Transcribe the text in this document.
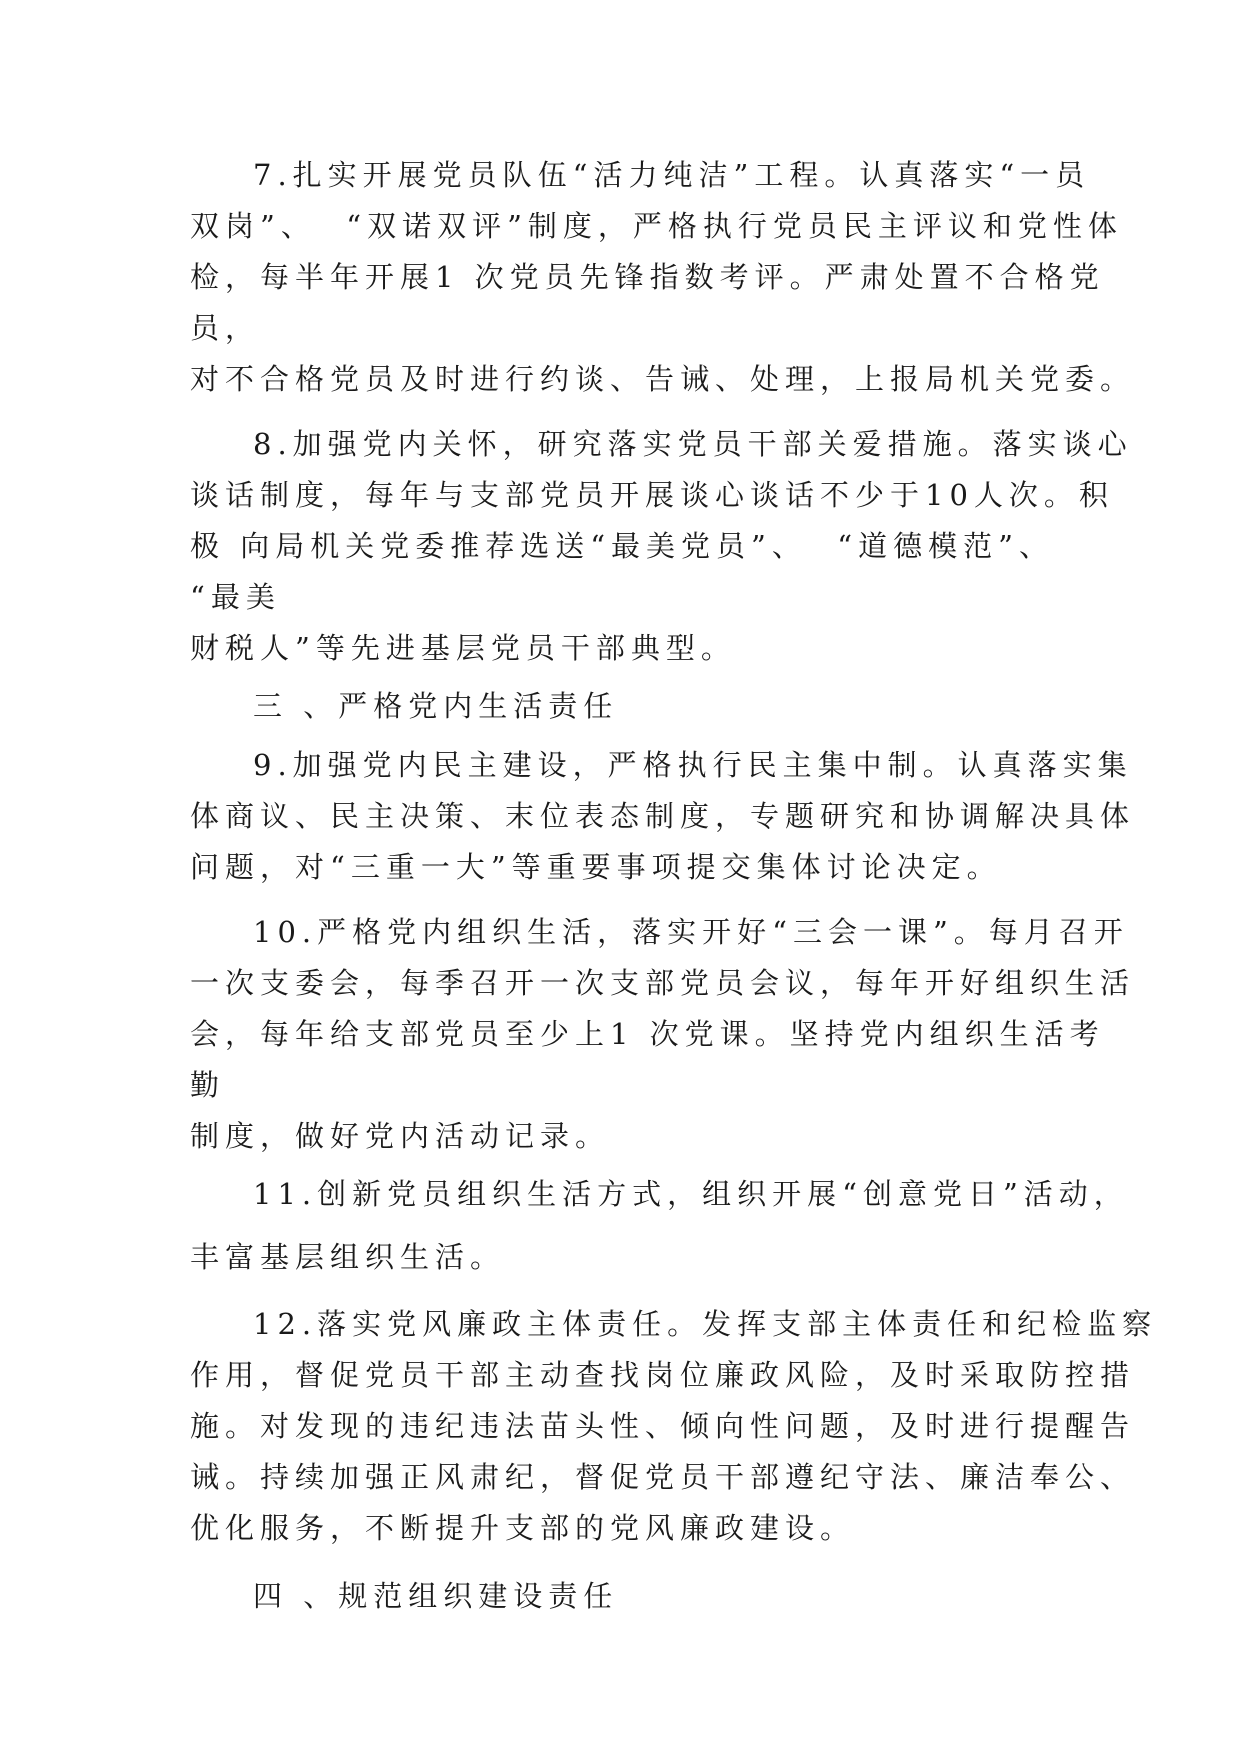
7.扎实开展党员队伍“活力纯洁”工程。认真落实“一员

双岗”、  “双诺双评”制度，严格执行党员民主评议和党性体

检，每半年开展1 次党员先锋指数考评。严肃处置不合格党

员，

对不合格党员及时进行约谈、告诫、处理，上报局机关党委。

8.加强党内关怀，研究落实党员干部关爱措施。落实谈心

谈话制度，每年与支部党员开展谈心谈话不少于10人次。积

极 向局机关党委推荐选送“最美党员”、  “道德模范”、

“最美

财税人”等先进基层党员干部典型。

三 、严格党内生活责任

9.加强党内民主建设，严格执行民主集中制。认真落实集

体商议、民主决策、末位表态制度，专题研究和协调解决具体

问题，对“三重一大”等重要事项提交集体讨论决定。

10.严格党内组织生活，落实开好“三会一课”。每月召开

一次支委会，每季召开一次支部党员会议，每年开好组织生活

会，每年给支部党员至少上1 次党课。坚持党内组织生活考

勤

制度，做好党内活动记录。

11.创新党员组织生活方式，组织开展“创意党日”活动，

丰富基层组织生活。

12.落实党风廉政主体责任。发挥支部主体责任和纪检监察

作用，督促党员干部主动查找岗位廉政风险，及时采取防控措

施。对发现的违纪违法苗头性、倾向性问题，及时进行提醒告

诫。持续加强正风肃纪，督促党员干部遵纪守法、廉洁奉公、

优化服务，不断提升支部的党风廉政建设。

四 、规范组织建设责任
